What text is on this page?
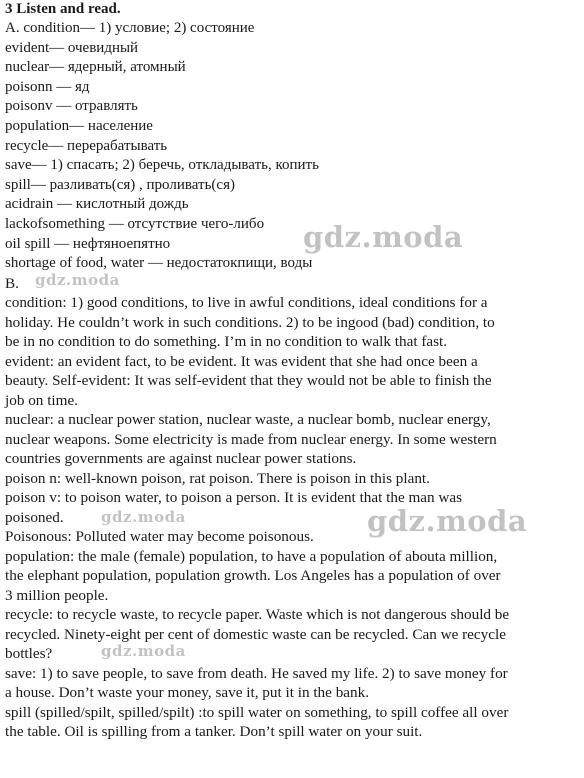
3 Listen and read.
A. condition— 1) условие; 2) состояние
evident— очевидный
nuclear— ядерный, атомный
poisonn — яд
poisonv — отравлять
population— население
recycle— перерабатывать
save— 1) спасать; 2) беречь, откладывать, копить
spill— разливать(ся) , проливать(ся)
acidrain — кислотный дождь
lackofsomething — отсутствие чего-либо
oil spill — нефтяноепятно
shortage of food, water — недостатокпищи, воды
B.
condition: 1) good conditions, to live in awful conditions, ideal conditions for a
holiday. He couldn’t work in such conditions. 2) to be ingood (bad) condition, to
be in no condition to do something. I’m in no condition to walk that fast.
evident: an evident fact, to be evident. It was evident that she had once been a
beauty. Self-evident: It was self-evident that they would not be able to finish the
job on time.
nuclear: a nuclear power station, nuclear waste, a nuclear bomb, nuclear energy,
nuclear weapons. Some electricity is made from nuclear energy. In some western
countries governments are against nuclear power stations.
poison n: well-known poison, rat poison. There is poison in this plant.
poison v: to poison water, to poison a person. It is evident that the man was
poisoned.
Poisonous: Polluted water may become poisonous.
population: the male (female) population, to have a population of abouta million,
the elephant population, population growth. Los Angeles has a population of over
3 million people.
recycle: to recycle waste, to recycle paper. Waste which is not dangerous should be
recycled. Ninety-eight per cent of domestic waste can be recycled. Can we recycle
bottles?
save: 1) to save people, to save from death. He saved my life. 2) to save money for
a house. Don’t waste your money, save it, put it in the bank.
spill (spilled/spilt, spilled/spilt) :to spill water on something, to spill coffee all over
the table. Oil is spilling from a tanker. Don’t spill water on your suit.
gdz.moda
gdz.moda
gdz.moda	gdz.moda
gdz.moda
